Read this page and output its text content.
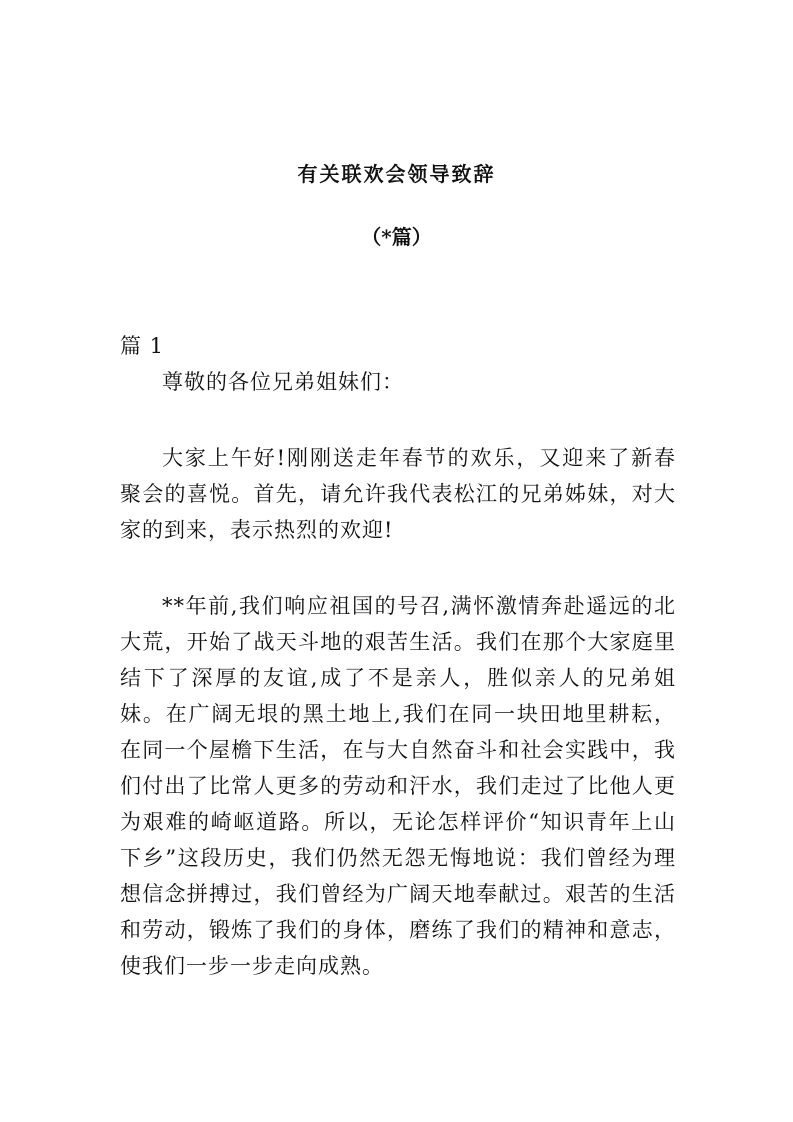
有关联欢会领导致辞
（*篇）

篇 1

尊敬的各位兄弟姐妹们：

大家上午好!刚刚送走年春节的欢乐，又迎来了新春聚会的喜悦。首先，请允许我代表松江的兄弟姊妹，对大家的到来，表示热烈的欢迎!

**年前,我们响应祖国的号召,满怀激情奔赴遥远的北大荒，开始了战天斗地的艰苦生活。我们在那个大家庭里结下了深厚的友谊,成了不是亲人，胜似亲人的兄弟姐妹。在广阔无垠的黑土地上,我们在同一块田地里耕耘，在同一个屋檐下生活，在与大自然奋斗和社会实践中，我们付出了比常人更多的劳动和汗水，我们走过了比他人更为艰难的崎岖道路。所以，无论怎样评价“知识青年上山下乡”这段历史，我们仍然无怨无悔地说：我们曾经为理想信念拼搏过，我们曾经为广阔天地奉献过。艰苦的生活和劳动，锻炼了我们的身体，磨练了我们的精神和意志，使我们一步一步走向成熟。
